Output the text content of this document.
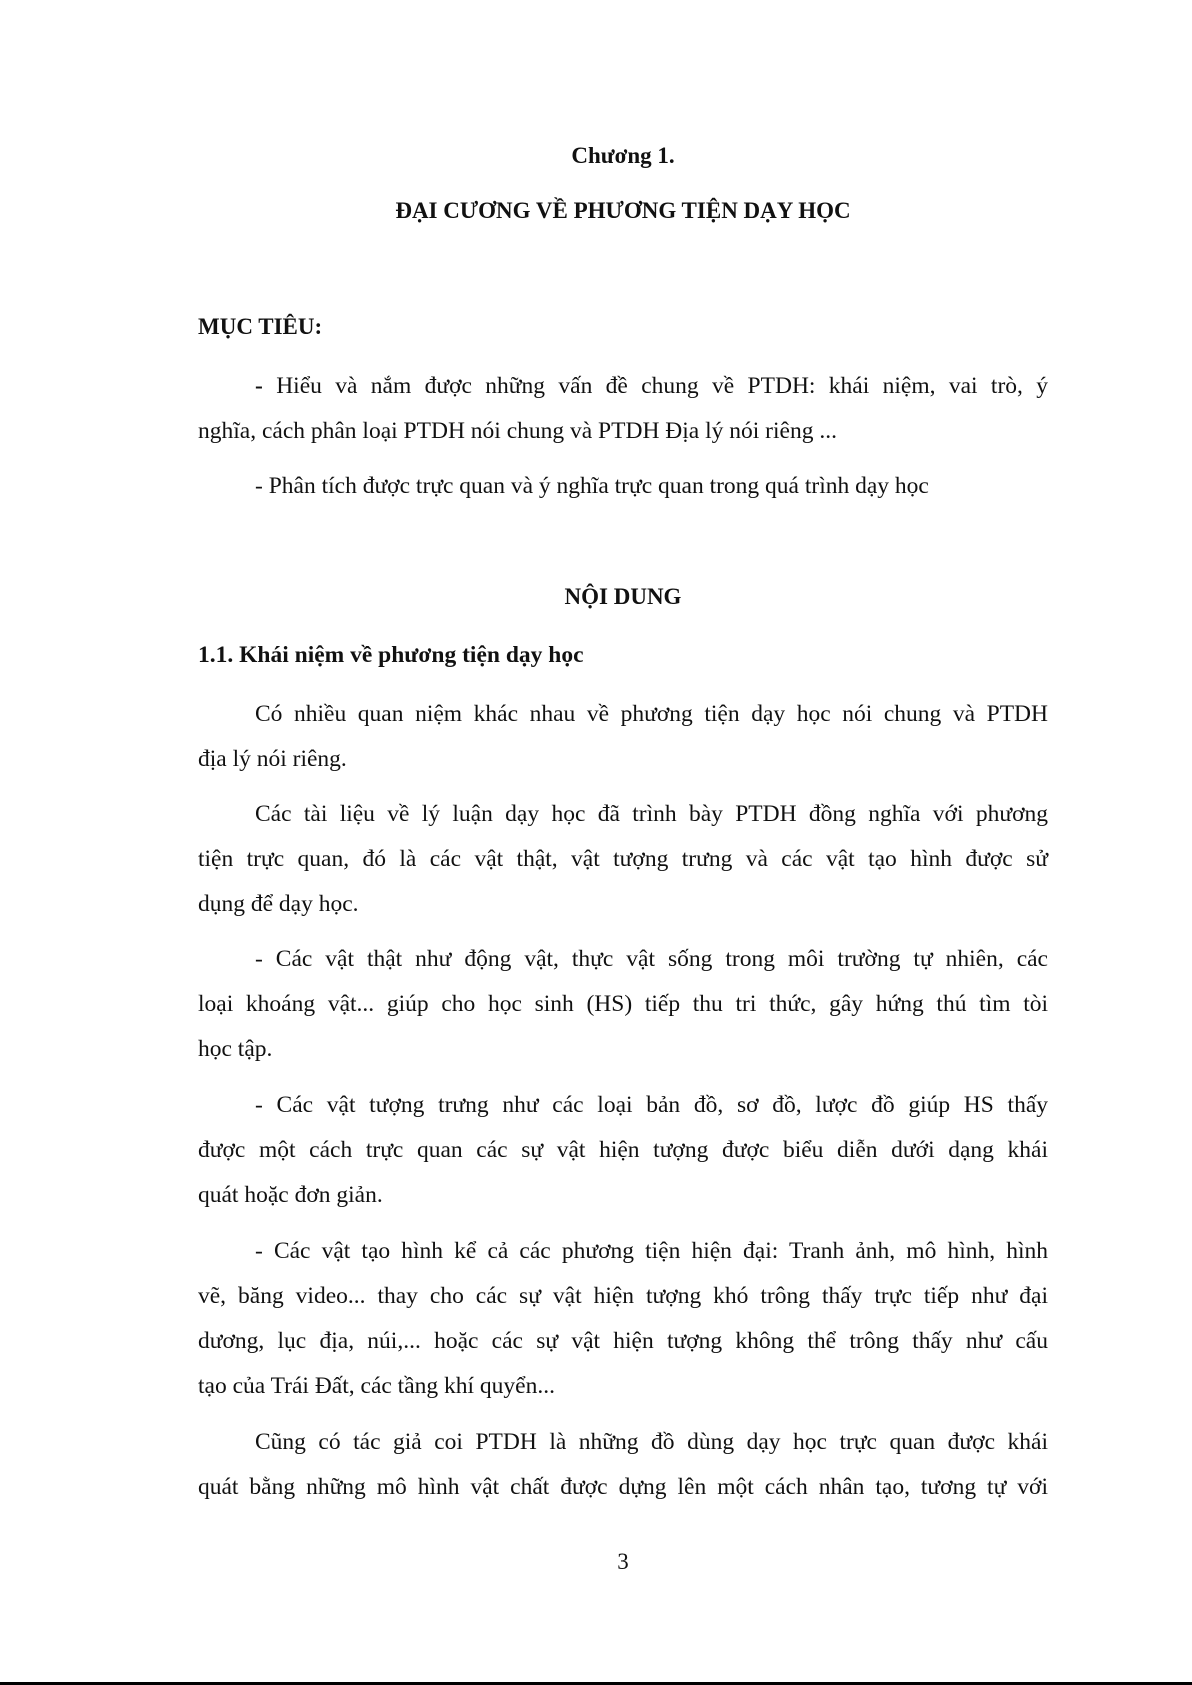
Chương 1.

ĐẠI CƯƠNG VỀ PHƯƠNG TIỆN DẠY HỌC

MỤC TIÊU:

- Hiểu và nắm được những vấn đề chung về PTDH: khái niệm, vai trò, ý
nghĩa, cách phân loại PTDH nói chung và PTDH Địa lý nói riêng ...
- Phân tích được trực quan và ý nghĩa trực quan trong quá trình dạy học

NỘI DUNG

1.1. Khái niệm về phương tiện dạy học

Có nhiều quan niệm khác nhau về phương tiện dạy học nói chung và PTDH
địa lý nói riêng.
Các tài liệu về lý luận dạy học đã trình bày PTDH đồng nghĩa với phương
tiện trực quan, đó là các vật thật, vật tượng trưng và các vật tạo hình được sử
dụng để dạy học.
- Các vật thật như động vật, thực vật sống trong môi trường tự nhiên, các
loại khoáng vật... giúp cho học sinh (HS) tiếp thu tri thức, gây hứng thú tìm tòi
học tập.
- Các vật tượng trưng như các loại bản đồ, sơ đồ, lược đồ giúp HS thấy
được một cách trực quan các sự vật hiện tượng được biểu diễn dưới dạng khái
quát hoặc đơn giản.
- Các vật tạo hình kể cả các phương tiện hiện đại: Tranh ảnh, mô hình, hình
vẽ, băng video... thay cho các sự vật hiện tượng khó trông thấy trực tiếp như đại
dương, lục địa, núi,... hoặc các sự vật hiện tượng không thể trông thấy như cấu
tạo của Trái Đất, các tầng khí quyển...
Cũng có tác giả coi PTDH là những đồ dùng dạy học trực quan được khái
quát bằng những mô hình vật chất được dựng lên một cách nhân tạo, tương tự với

3
